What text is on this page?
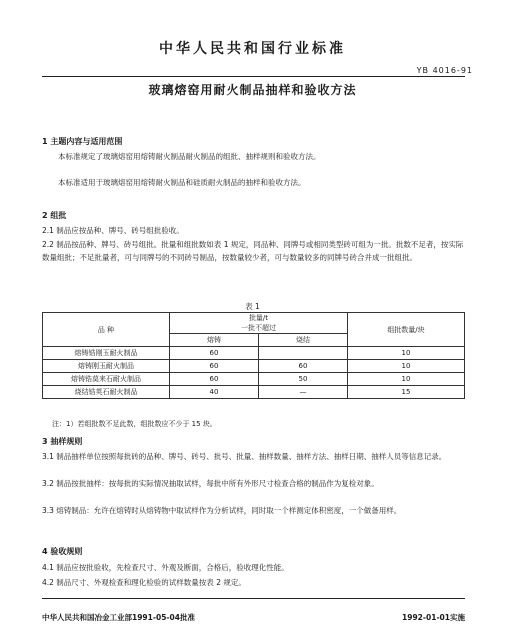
中华人民共和国行业标准
YB 4016-91
玻璃熔窑用耐火制品抽样和验收方法
1 主题内容与适用范围
本标准规定了玻璃熔窑用熔铸耐火制品耐火制品的组批、抽样规则和验收方法。
本标准适用于玻璃熔窑用熔铸耐火制品和硅质耐火制品的抽样和验收方法。
2 组批
2.1 制品应按品种、牌号、砖号组批验收。
2.2 制品按品种、牌号、砖号组批。批量和组批数如表 1 规定，同品种、同牌号或相同类型砖可组为一批。批数不足者，按实际数量组批；不足批量者，可与同牌号的不同砖号制品，按数量较少者，可与数量较多的同牌号砖合并成一批组批。
表 1
品 种	批量/t
一批不超过		组批数量/块
	熔铸	烧结	
熔铸锆刚玉耐火制品	60		10
熔铸刚玉耐火制品	60	60	10
熔铸锆莫来石耐火制品	60	50	10
烧结锆英石耐火制品	40	—	15
注：1）若组批数不足此数，组批数应不少于 15 块。
3 抽样规则
3.1 制品抽样单位按照每批砖的品种、牌号、砖号、批号、批量、抽样数量、抽样方法、抽样日期、抽样人员等信息记录。
3.2 制品按批抽样：按每批的实际情况抽取试样，每批中所有外形尺寸检查合格的制品作为复检对象。
3.3 熔铸制品：允许在熔铸时从熔铸物中取试样作为分析试样，同时取一个样测定体积密度，一个做备用样。
4 验收规则
4.1 制品应按批验收，先检查尺寸、外观及断面，合格后，验收理化性能。
4.2 制品尺寸、外观检查和理化检验的试样数量按表 2 规定。
中华人民共和国冶金工业部1991-05-04批准	1992-01-01实施
